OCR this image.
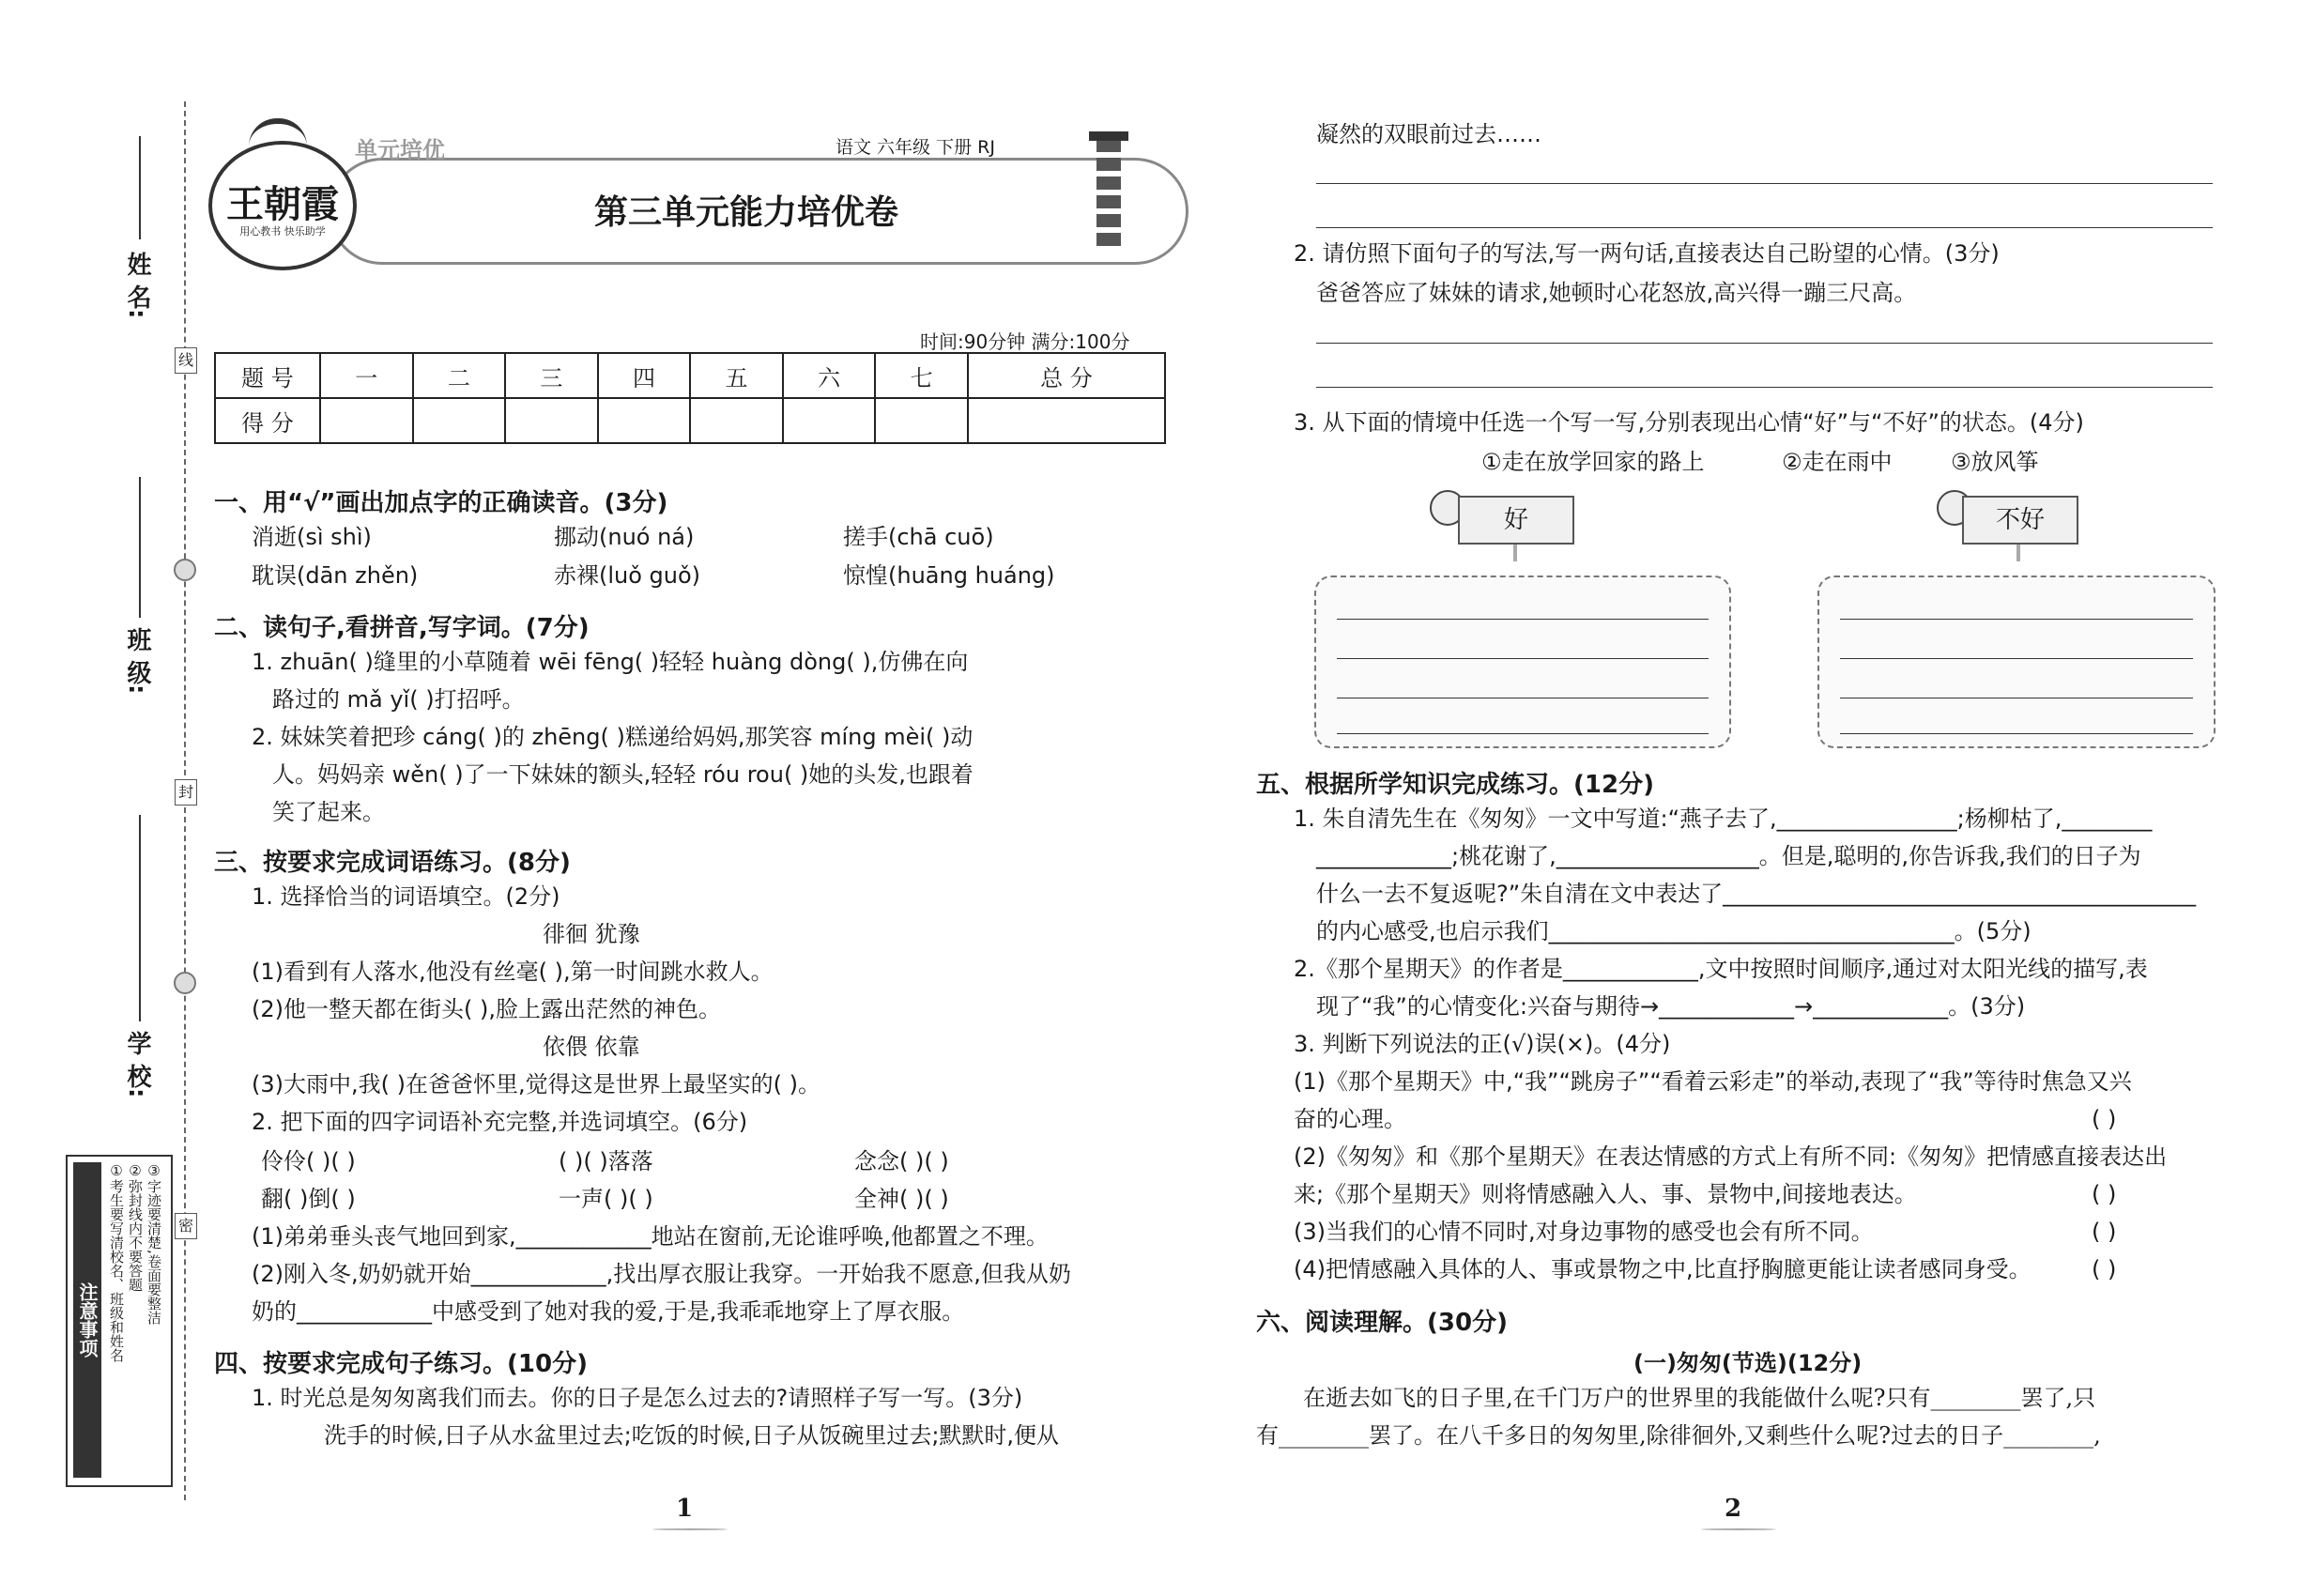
姓 名:
班 级:
学 校:
线
封
密
注意事项 ①考生要写清校名、班级和姓名 ②弥封线内不要答题 ③字迹要清楚,卷面要整洁
王朝霞
用心教书 快乐助学
单元培优	语文 六年级 下册 RJ
第三单元能力培优卷
时间:90分钟 满分:100分
题 号	一	二	三	四	五	六	七	总 分
得 分								
一、用“√”画出加点字的正确读音。(3分)
消逝(sì shì)	挪动(nuó ná)	搓手(chā cuō)
耽误(dān zhěn)	赤裸(luǒ guǒ)	惊惶(huāng huáng)
二、读句子,看拼音,写字词。(7分)
1. zhuān( )缝里的小草随着 wēi fēng( )轻轻 huàng dòng( ),仿佛在向
路过的 mǎ yǐ( )打招呼。
2. 妹妹笑着把珍 cáng( )的 zhēng( )糕递给妈妈,那笑容 míng mèi( )动
人。妈妈亲 wěn( )了一下妹妹的额头,轻轻 róu rou( )她的头发,也跟着
笑了起来。
三、按要求完成词语练习。(8分)
1. 选择恰当的词语填空。(2分)
徘徊 犹豫
(1)看到有人落水,他没有丝毫( ),第一时间跳水救人。
(2)他一整天都在街头( ),脸上露出茫然的神色。
依偎 依靠
(3)大雨中,我( )在爸爸怀里,觉得这是世界上最坚实的( )。
2. 把下面的四字词语补充完整,并选词填空。(6分)
伶伶( )( )	( )( )落落	念念( )( )
翻( )倒( )	一声( )( )	全神( )( )
(1)弟弟垂头丧气地回到家,____________地站在窗前,无论谁呼唤,他都置之不理。
(2)刚入冬,奶奶就开始____________,找出厚衣服让我穿。一开始我不愿意,但我从奶
奶的____________中感受到了她对我的爱,于是,我乖乖地穿上了厚衣服。
四、按要求完成句子练习。(10分)
1. 时光总是匆匆离我们而去。你的日子是怎么过去的?请照样子写一写。(3分)
洗手的时候,日子从水盆里过去;吃饭的时候,日子从饭碗里过去;默默时,便从
1
凝然的双眼前过去……
2. 请仿照下面句子的写法,写一两句话,直接表达自己盼望的心情。(3分)
爸爸答应了妹妹的请求,她顿时心花怒放,高兴得一蹦三尺高。
3. 从下面的情境中任选一个写一写,分别表现出心情“好”与“不好”的状态。(4分)
①走在放学回家的路上	②走在雨中	③放风筝
好	不好
五、根据所学知识完成练习。(12分)
1. 朱自清先生在《匆匆》一文中写道:“燕子去了,________________;杨柳枯了,________
____________;桃花谢了,__________________。但是,聪明的,你告诉我,我们的日子为
什么一去不复返呢?”朱自清在文中表达了__________________________________________
的内心感受,也启示我们____________________________________。(5分)
2.《那个星期天》的作者是____________,文中按照时间顺序,通过对太阳光线的描写,表
现了“我”的心情变化:兴奋与期待→____________→____________。(3分)
3. 判断下列说法的正(√)误(×)。(4分)
(1)《那个星期天》中,“我”“跳房子”“看着云彩走”的举动,表现了“我”等待时焦急又兴
奋的心理。	( )
(2)《匆匆》和《那个星期天》在表达情感的方式上有所不同:《匆匆》把情感直接表达出
来;《那个星期天》则将情感融入人、事、景物中,间接地表达。	( )
(3)当我们的心情不同时,对身边事物的感受也会有所不同。	( )
(4)把情感融入具体的人、事或景物之中,比直抒胸臆更能让读者感同身受。	( )
六、阅读理解。(30分)
(一)匆匆(节选)(12分)
在逝去如飞的日子里,在千门万户的世界里的我能做什么呢?只有________罢了,只
有________罢了。在八千多日的匆匆里,除徘徊外,又剩些什么呢?过去的日子________,
2
